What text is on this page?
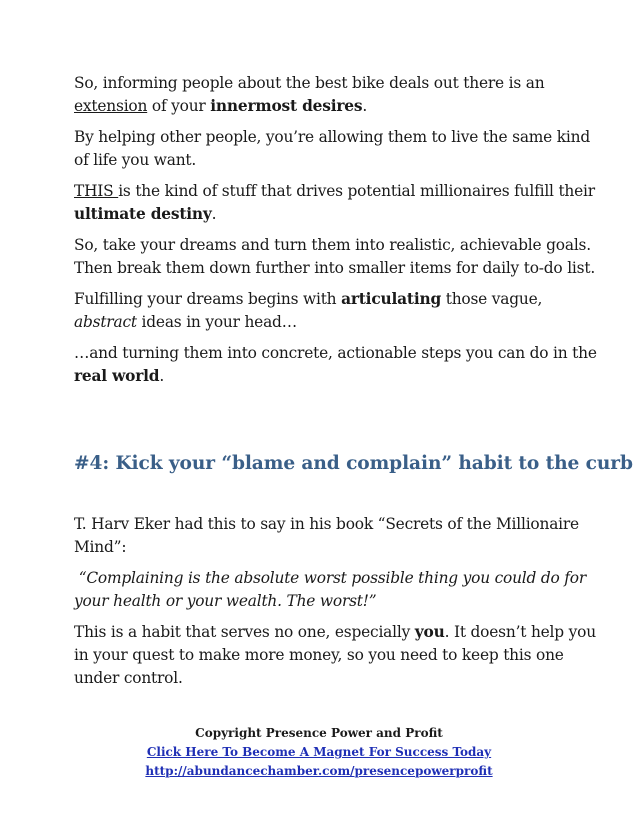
So, informing people about the best bike deals out there is an
extension of your innermost desires.

By helping other people, you’re allowing them to live the same kind
of life you want.

THIS is the kind of stuff that drives potential millionaires fulfill their
ultimate destiny.

So, take your dreams and turn them into realistic, achievable goals.
Then break them down further into smaller items for daily to-do list.

Fulfilling your dreams begins with articulating those vague,
abstract ideas in your head…

…and turning them into concrete, actionable steps you can do in the
real world.

#4: Kick your “blame and complain” habit to the curb

T. Harv Eker had this to say in his book “Secrets of the Millionaire
Mind”:

“Complaining is the absolute worst possible thing you could do for
your health or your wealth. The worst!”

This is a habit that serves no one, especially you. It doesn’t help you
in your quest to make more money, so you need to keep this one
under control.

Copyright Presence Power and Profit
Click Here To Become A Magnet For Success Today
http://abundancechamber.com/presencepowerprofit
